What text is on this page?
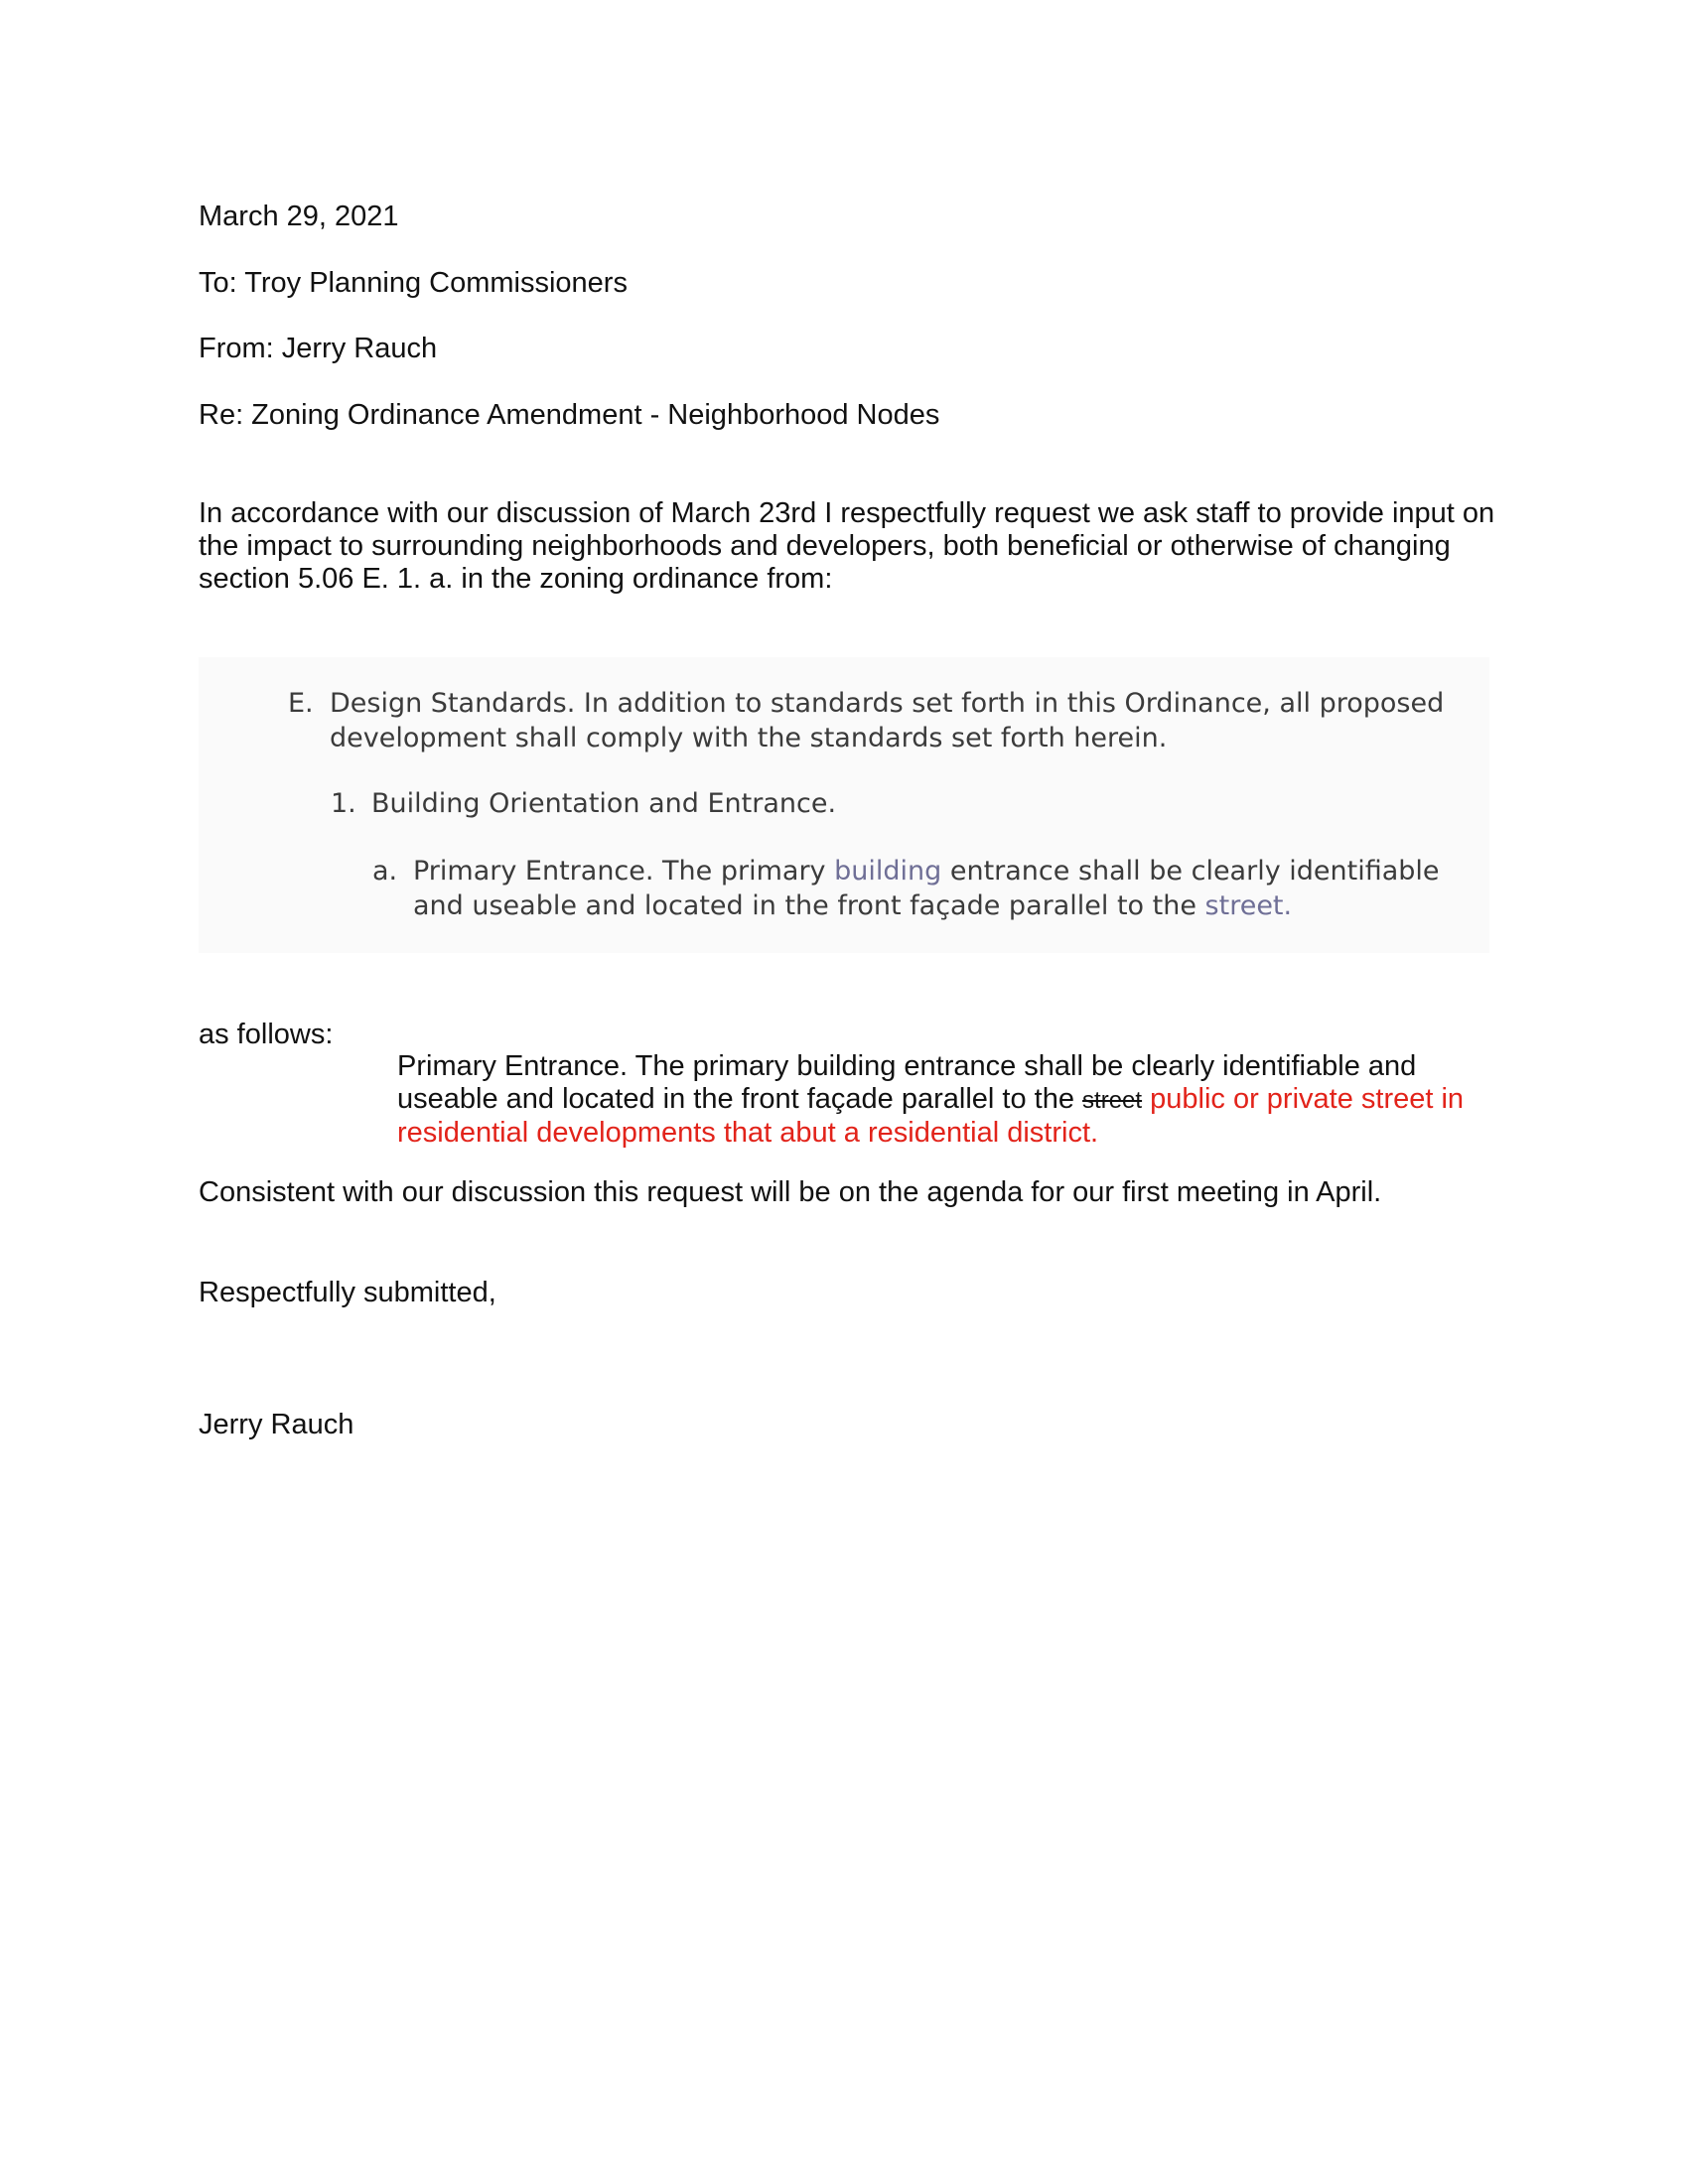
March 29, 2021
To: Troy Planning Commissioners
From: Jerry Rauch
Re: Zoning Ordinance Amendment - Neighborhood Nodes
In accordance with our discussion of March 23rd I respectfully request we ask staff to provide input on the impact to surrounding neighborhoods and developers, both beneficial or otherwise of changing section 5.06 E. 1. a. in the zoning ordinance from:
E. Design Standards. In addition to standards set forth in this Ordinance, all proposed development shall comply with the standards set forth herein.
1. Building Orientation and Entrance.
a. Primary Entrance. The primary building entrance shall be clearly identifiable and useable and located in the front façade parallel to the street.
as follows:
Primary Entrance. The primary building entrance shall be clearly identifiable and useable and located in the front façade parallel to the street public or private street in residential developments that abut a residential district.
Consistent with our discussion this request will be on the agenda for our first meeting in April.
Respectfully submitted,
Jerry Rauch
